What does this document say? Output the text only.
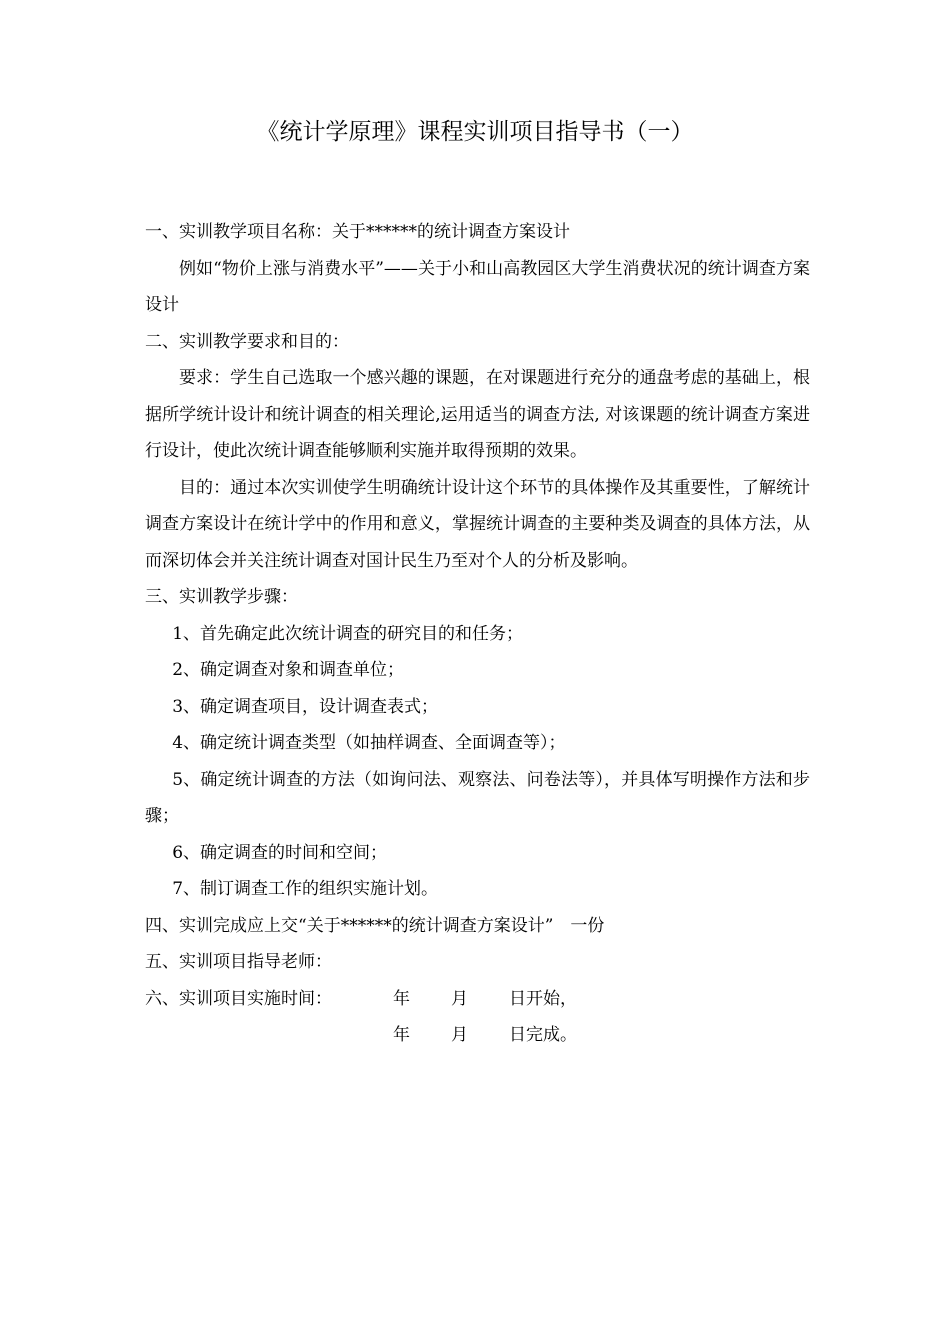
《统计学原理》课程实训项目指导书（一）

一、实训教学项目名称：关于******的统计调查方案设计

例如“物价上涨与消费水平”——关于小和山高教园区大学生消费状况的统计调查方案设计

二、实训教学要求和目的：

要求：学生自己选取一个感兴趣的课题，在对课题进行充分的通盘考虑的基础上，根据所学统计设计和统计调查的相关理论,运用适当的调查方法, 对该课题的统计调查方案进行设计，使此次统计调查能够顺利实施并取得预期的效果。

目的：通过本次实训使学生明确统计设计这个环节的具体操作及其重要性，了解统计调查方案设计在统计学中的作用和意义，掌握统计调查的主要种类及调查的具体方法，从而深切体会并关注统计调查对国计民生乃至对个人的分析及影响。

三、实训教学步骤：

1、首先确定此次统计调查的研究目的和任务；

2、确定调查对象和调查单位；

3、确定调查项目，设计调查表式；

4、确定统计调查类型（如抽样调查、全面调查等）；

5、确定统计调查的方法（如询问法、观察法、问卷法等），并具体写明操作方法和步骤；

6、确定调查的时间和空间；

7、制订调查工作的组织实施计划。

四、实训完成应上交“关于******的统计调查方案设计”　一份

五、实训项目指导老师：

六、实训项目实施时间：	年 月 日开始，
年 月 日完成。
